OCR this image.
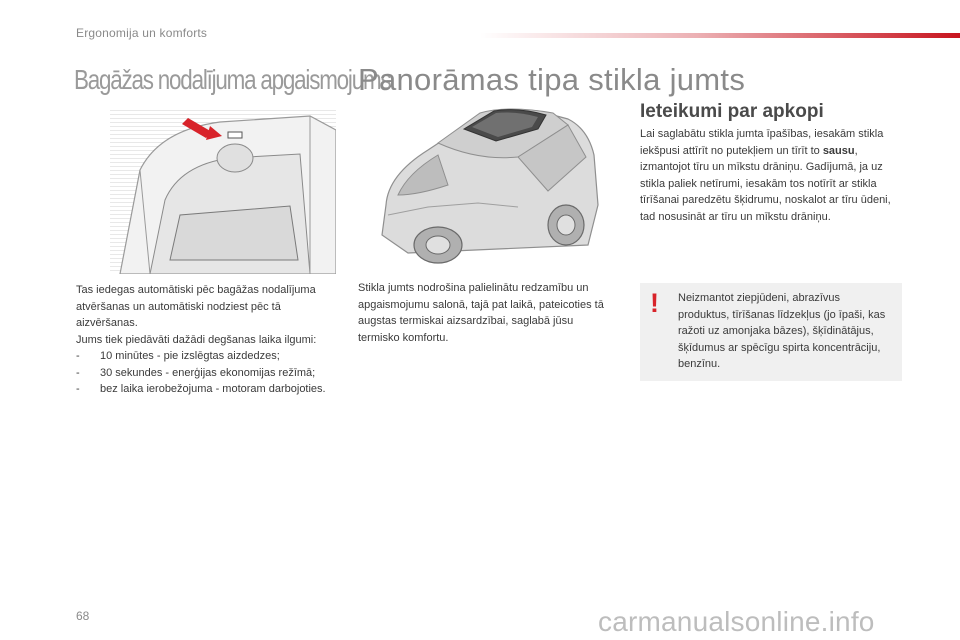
Ergonomija un komforts
Bagāžas nodalījuma apgaismojums
Panorāmas tipa stikla jumts
Ieteikumi par apkopi
Lai saglabātu stikla jumta īpašības, iesakām stikla iekšpusi attīrīt no putekļiem un tīrīt to sausu, izmantojot tīru un mīkstu drāniņu. Gadījumā, ja uz stikla paliek netīrumi, iesakām tos notīrīt ar stikla tīrīšanai paredzētu šķidrumu, noskalot ar tīru ūdeni, tad nosusināt ar tīru un mīkstu drāniņu.
Tas iedegas automātiski pēc bagāžas nodalījuma atvēršanas un automātiski nodziest pēc tā aizvēršanas.
Jums tiek piedāvāti dažādi degšanas laika ilgumi:
- 10 minūtes - pie izslēgtas aizdedzes;
- 30 sekundes - enerģijas ekonomijas režīmā;
- bez laika ierobežojuma - motoram darbojoties.
Stikla jumts nodrošina palielinātu redzamību un apgaismojumu salonā, tajā pat laikā, pateicoties tā augstas termiskai aizsardzībai, saglabā jūsu termisko komfortu.
! Neizmantot ziepjūdeni, abrazīvus produktus, tīrīšanas līdzekļus (jo īpaši, kas ražoti uz amonjaka bāzes), šķīdinātājus, šķīdumus ar spēcīgu spirta koncentrāciju, benzīnu.
68	carmanualsonline.info
